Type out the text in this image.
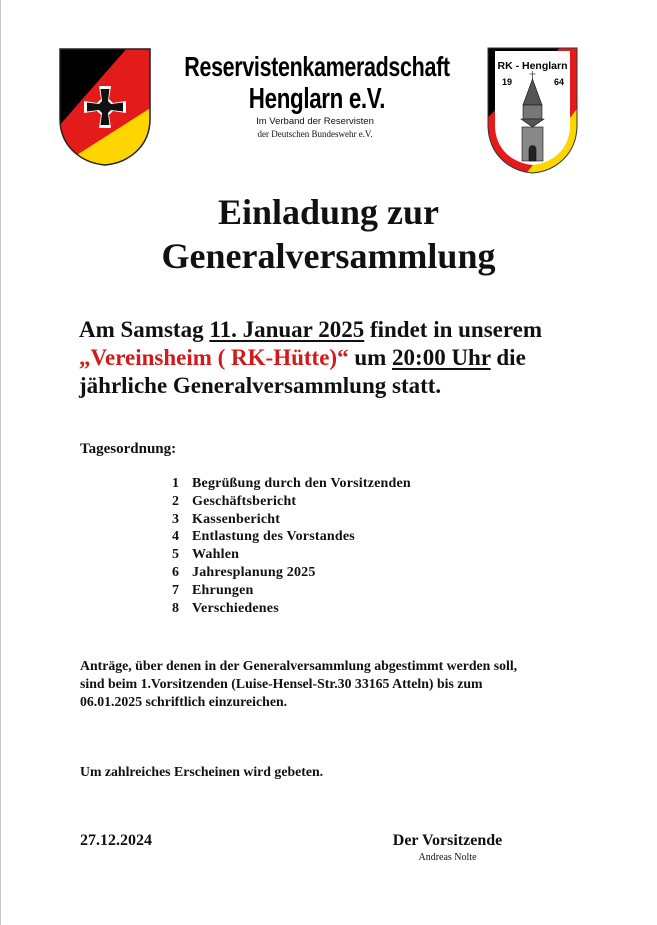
Reservistenkameradschaft
Henglarn e.V.
Im Verband der Reservisten
der Deutschen Bundeswehr e.V.
RK - Henglarn
19	64
Einladung zur
Generalversammlung
Am Samstag 11. Januar 2025 findet in unserem
„Vereinsheim ( RK-Hütte)“ um 20:00 Uhr die
jährliche Generalversammlung statt.
Tagesordnung:
1 Begrüßung durch den Vorsitzenden
2 Geschäftsbericht
3 Kassenbericht
4 Entlastung des Vorstandes
5 Wahlen
6 Jahresplanung 2025
7 Ehrungen
8 Verschiedenes
Anträge, über denen in der Generalversammlung abgestimmt werden soll,
sind beim 1.Vorsitzenden (Luise-Hensel-Str.30 33165 Atteln) bis zum
06.01.2025 schriftlich einzureichen.
Um zahlreiches Erscheinen wird gebeten.
27.12.2024	Der Vorsitzende
Andreas Nolte
